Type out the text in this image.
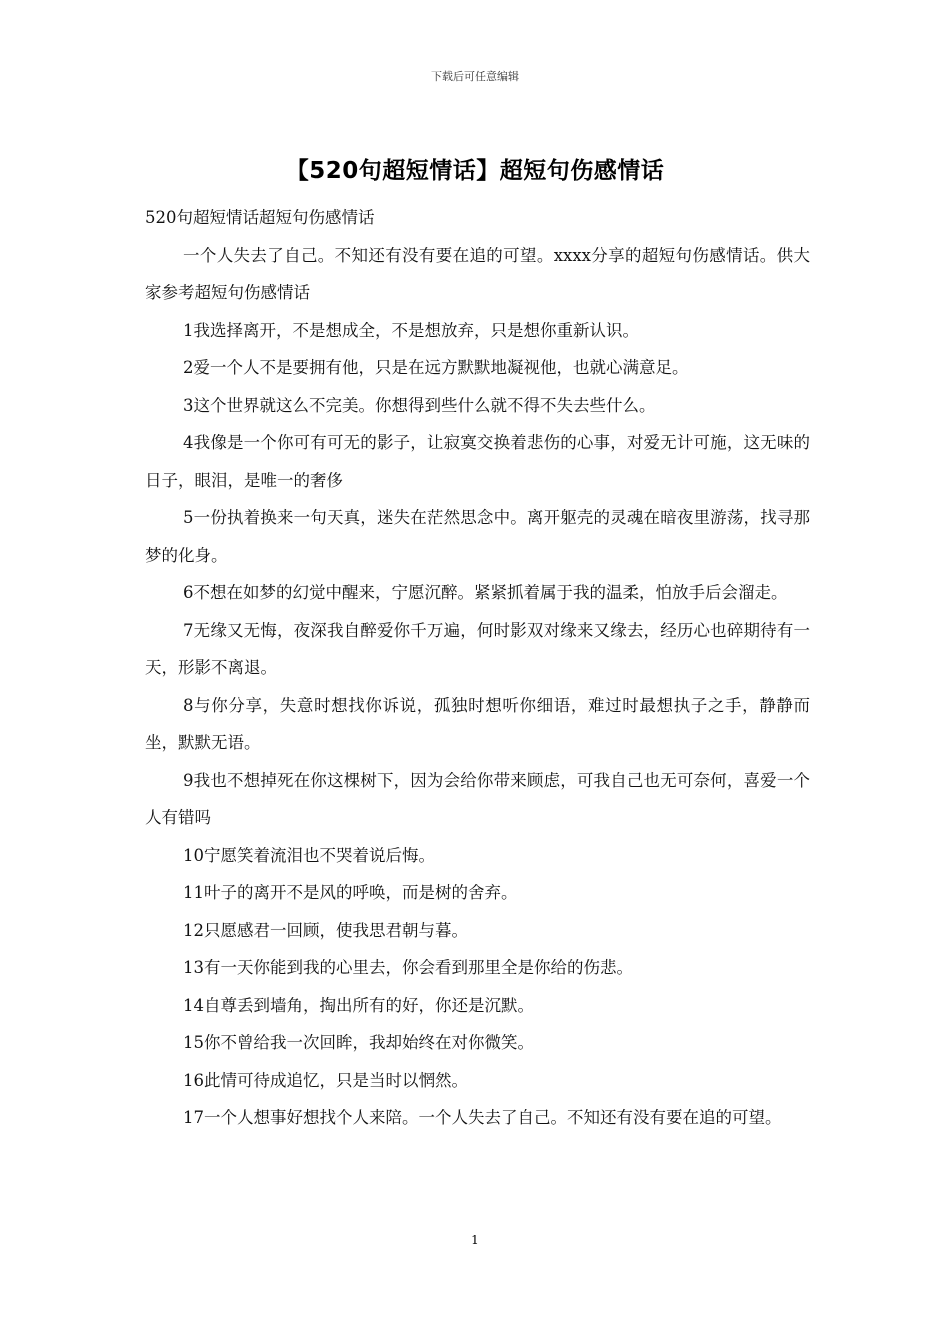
下载后可任意编辑
【520句超短情话】超短句伤感情话

520句超短情话超短句伤感情话

一个人失去了自己。不知还有没有要在追的可望。xxxx分享的超短句伤感情话。供大家参考超短句伤感情话

1我选择离开，不是想成全，不是想放弃，只是想你重新认识。

2爱一个人不是要拥有他，只是在远方默默地凝视他，也就心满意足。

3这个世界就这么不完美。你想得到些什么就不得不失去些什么。

4我像是一个你可有可无的影子，让寂寞交换着悲伤的心事，对爱无计可施，这无味的日子，眼泪，是唯一的奢侈

5一份执着换来一句天真，迷失在茫然思念中。离开躯壳的灵魂在暗夜里游荡，找寻那梦的化身。

6不想在如梦的幻觉中醒来，宁愿沉醉。紧紧抓着属于我的温柔，怕放手后会溜走。

7无缘又无悔，夜深我自醉爱你千万遍，何时影双对缘来又缘去，经历心也碎期待有一天，形影不离退。

8与你分享，失意时想找你诉说，孤独时想听你细语，难过时最想执子之手，静静而坐，默默无语。

9我也不想掉死在你这棵树下，因为会给你带来顾虑，可我自己也无可奈何，喜爱一个人有错吗

10宁愿笑着流泪也不哭着说后悔。

11叶子的离开不是风的呼唤，而是树的舍弃。

12只愿感君一回顾，使我思君朝与暮。

13有一天你能到我的心里去，你会看到那里全是你给的伤悲。

14自尊丢到墙角，掏出所有的好，你还是沉默。

15你不曾给我一次回眸，我却始终在对你微笑。

16此情可待成追忆，只是当时以惘然。

17一个人想事好想找个人来陪。一个人失去了自己。不知还有没有要在追的可望。

1
